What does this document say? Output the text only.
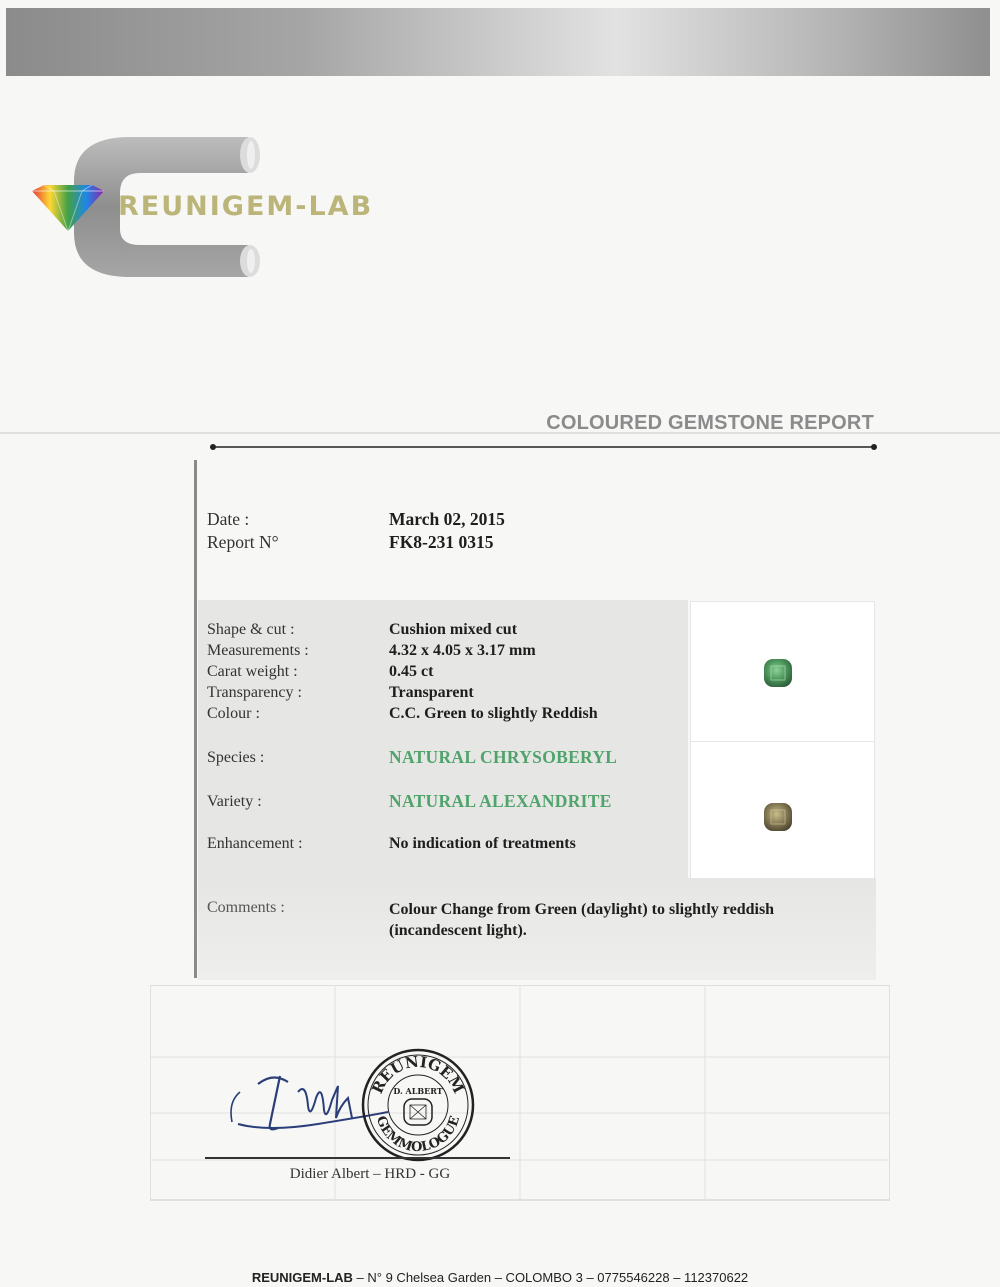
REUNIGEM-LAB
COLOURED GEMSTONE REPORT
Date :	March 02, 2015
Report N°	FK8-231 0315
Shape & cut :	Cushion mixed cut
Measurements :	4.32 x 4.05 x 3.17 mm
Carat weight :	0.45 ct
Transparency :	Transparent
Colour :	C.C. Green to slightly Reddish
Species :	NATURAL CHRYSOBERYL
Variety :	NATURAL ALEXANDRITE
Enhancement :	No indication of treatments
Comments :	Colour Change from Green (daylight) to slightly reddish (incandescent light).
REUNIGEM
GEMMOLOGUE
D. ALBERT
Didier Albert – HRD - GG
REUNIGEM-LAB – N° 9 Chelsea Garden – COLOMBO 3 – 0775546228 – 112370622
